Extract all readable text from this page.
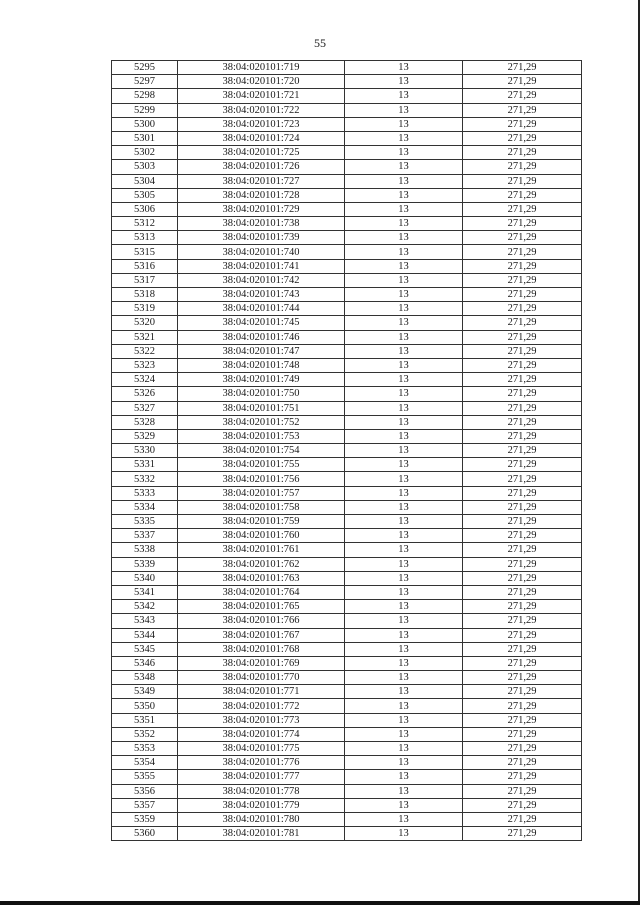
55
5295	38:04:020101:719	13	271,29
5297	38:04:020101:720	13	271,29
5298	38:04:020101:721	13	271,29
5299	38:04:020101:722	13	271,29
5300	38:04:020101:723	13	271,29
5301	38:04:020101:724	13	271,29
5302	38:04:020101:725	13	271,29
5303	38:04:020101:726	13	271,29
5304	38:04:020101:727	13	271,29
5305	38:04:020101:728	13	271,29
5306	38:04:020101:729	13	271,29
5312	38:04:020101:738	13	271,29
5313	38:04:020101:739	13	271,29
5315	38:04:020101:740	13	271,29
5316	38:04:020101:741	13	271,29
5317	38:04:020101:742	13	271,29
5318	38:04:020101:743	13	271,29
5319	38:04:020101:744	13	271,29
5320	38:04:020101:745	13	271,29
5321	38:04:020101:746	13	271,29
5322	38:04:020101:747	13	271,29
5323	38:04:020101:748	13	271,29
5324	38:04:020101:749	13	271,29
5326	38:04:020101:750	13	271,29
5327	38:04:020101:751	13	271,29
5328	38:04:020101:752	13	271,29
5329	38:04:020101:753	13	271,29
5330	38:04:020101:754	13	271,29
5331	38:04:020101:755	13	271,29
5332	38:04:020101:756	13	271,29
5333	38:04:020101:757	13	271,29
5334	38:04:020101:758	13	271,29
5335	38:04:020101:759	13	271,29
5337	38:04:020101:760	13	271,29
5338	38:04:020101:761	13	271,29
5339	38:04:020101:762	13	271,29
5340	38:04:020101:763	13	271,29
5341	38:04:020101:764	13	271,29
5342	38:04:020101:765	13	271,29
5343	38:04:020101:766	13	271,29
5344	38:04:020101:767	13	271,29
5345	38:04:020101:768	13	271,29
5346	38:04:020101:769	13	271,29
5348	38:04:020101:770	13	271,29
5349	38:04:020101:771	13	271,29
5350	38:04:020101:772	13	271,29
5351	38:04:020101:773	13	271,29
5352	38:04:020101:774	13	271,29
5353	38:04:020101:775	13	271,29
5354	38:04:020101:776	13	271,29
5355	38:04:020101:777	13	271,29
5356	38:04:020101:778	13	271,29
5357	38:04:020101:779	13	271,29
5359	38:04:020101:780	13	271,29
5360	38:04:020101:781	13	271,29
